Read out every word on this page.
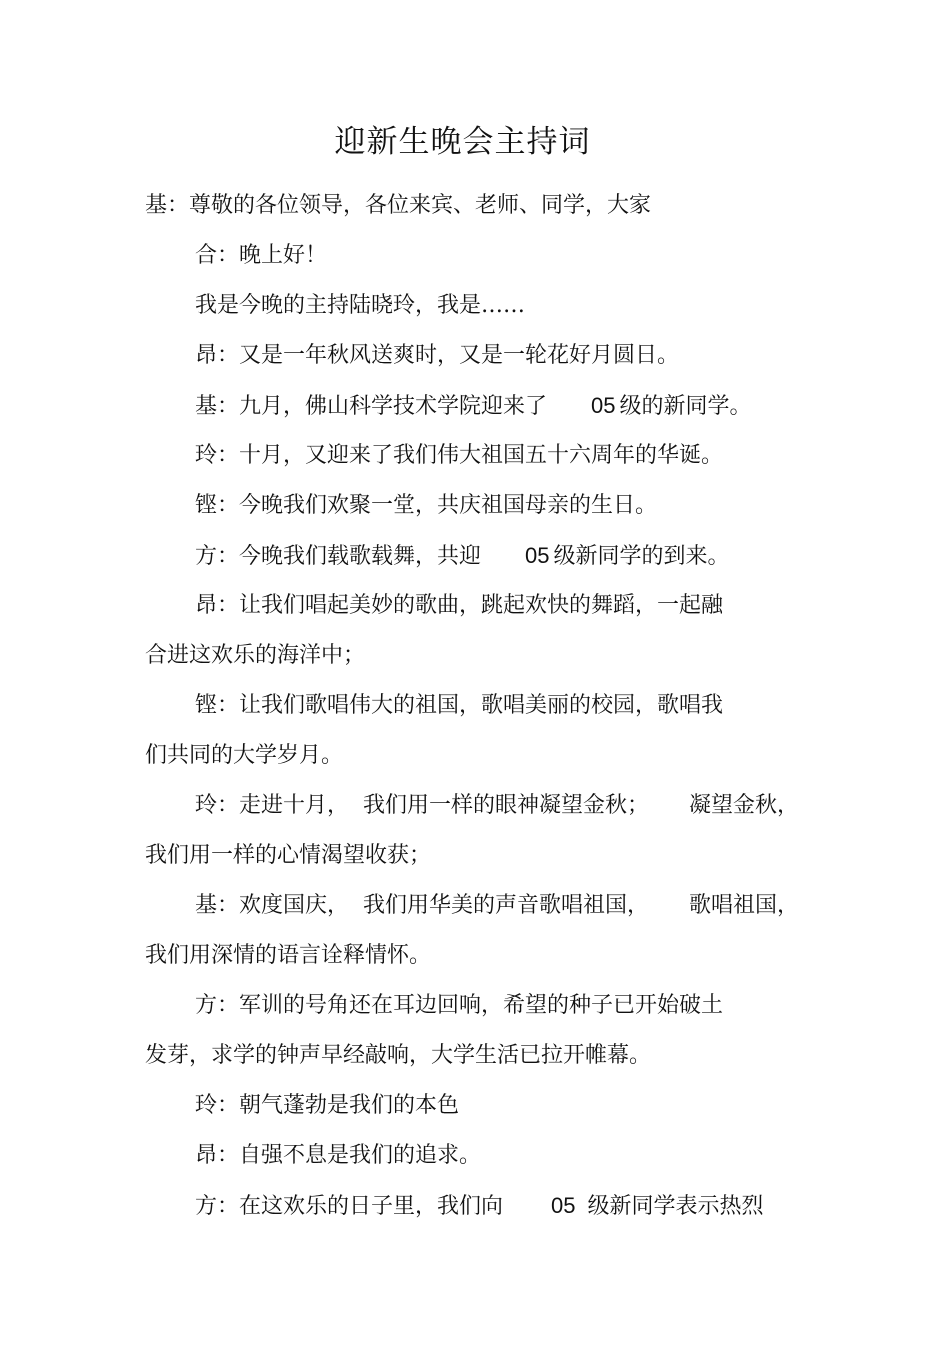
迎新生晚会主持词
基：尊敬的各位领导，各位来宾、老师、同学，大家
合：晚上好！
我是今晚的主持陆晓玲，我是……
昂：又是一年秋风送爽时，又是一轮花好月圆日。
基：九月，佛山科学技术学院迎来了 05 级的新同学。
玲：十月，又迎来了我们伟大祖国五十六周年的华诞。
铿：今晚我们欢聚一堂，共庆祖国母亲的生日。
方：今晚我们载歌载舞，共迎 05 级新同学的到来。
昂：让我们唱起美妙的歌曲，跳起欢快的舞蹈，一起融
合进这欢乐的海洋中；
铿：让我们歌唱伟大的祖国，歌唱美丽的校园，歌唱我
们共同的大学岁月。
玲：走进十月， 我们用一样的眼神凝望金秋； 凝望金秋，
我们用一样的心情渴望收获；
基：欢度国庆， 我们用华美的声音歌唱祖国， 歌唱祖国，
我们用深情的语言诠释情怀。
方：军训的号角还在耳边回响，希望的种子已开始破土
发芽，求学的钟声早经敲响，大学生活已拉开帷幕。
玲：朝气蓬勃是我们的本色
昂：自强不息是我们的追求。
方：在这欢乐的日子里，我们向 05 级新同学表示热烈
